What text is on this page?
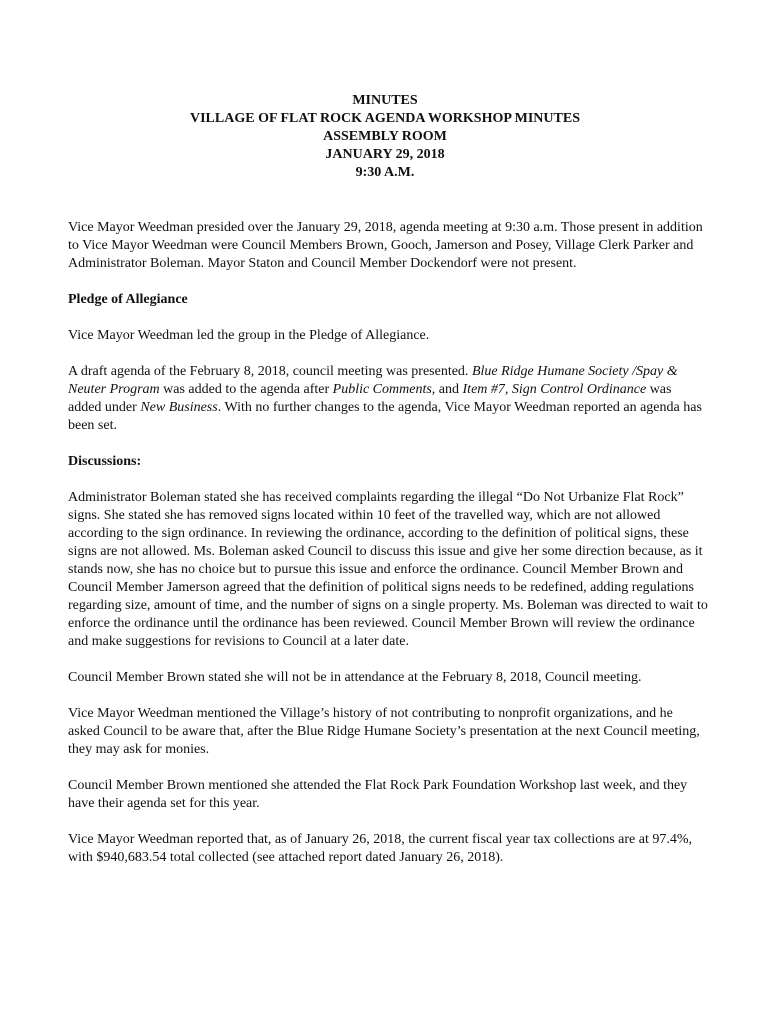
MINUTES
VILLAGE OF FLAT ROCK AGENDA WORKSHOP MINUTES
ASSEMBLY ROOM
JANUARY 29, 2018
9:30 A.M.

Vice Mayor Weedman presided over the January 29, 2018, agenda meeting at 9:30 a.m. Those present in addition to Vice Mayor Weedman were Council Members Brown, Gooch, Jamerson and Posey, Village Clerk Parker and Administrator Boleman. Mayor Staton and Council Member Dockendorf were not present.

Pledge of Allegiance

Vice Mayor Weedman led the group in the Pledge of Allegiance.

A draft agenda of the February 8, 2018, council meeting was presented. Blue Ridge Humane Society /Spay & Neuter Program was added to the agenda after Public Comments, and Item #7, Sign Control Ordinance was added under New Business. With no further changes to the agenda, Vice Mayor Weedman reported an agenda has been set.

Discussions:

Administrator Boleman stated she has received complaints regarding the illegal “Do Not Urbanize Flat Rock” signs. She stated she has removed signs located within 10 feet of the travelled way, which are not allowed according to the sign ordinance. In reviewing the ordinance, according to the definition of political signs, these signs are not allowed. Ms. Boleman asked Council to discuss this issue and give her some direction because, as it stands now, she has no choice but to pursue this issue and enforce the ordinance. Council Member Brown and Council Member Jamerson agreed that the definition of political signs needs to be redefined, adding regulations regarding size, amount of time, and the number of signs on a single property. Ms. Boleman was directed to wait to enforce the ordinance until the ordinance has been reviewed. Council Member Brown will review the ordinance and make suggestions for revisions to Council at a later date.

Council Member Brown stated she will not be in attendance at the February 8, 2018, Council meeting.

Vice Mayor Weedman mentioned the Village’s history of not contributing to nonprofit organizations, and he asked Council to be aware that, after the Blue Ridge Humane Society’s presentation at the next Council meeting, they may ask for monies.

Council Member Brown mentioned she attended the Flat Rock Park Foundation Workshop last week, and they have their agenda set for this year.

Vice Mayor Weedman reported that, as of January 26, 2018, the current fiscal year tax collections are at 97.4%, with $940,683.54 total collected (see attached report dated January 26, 2018).
